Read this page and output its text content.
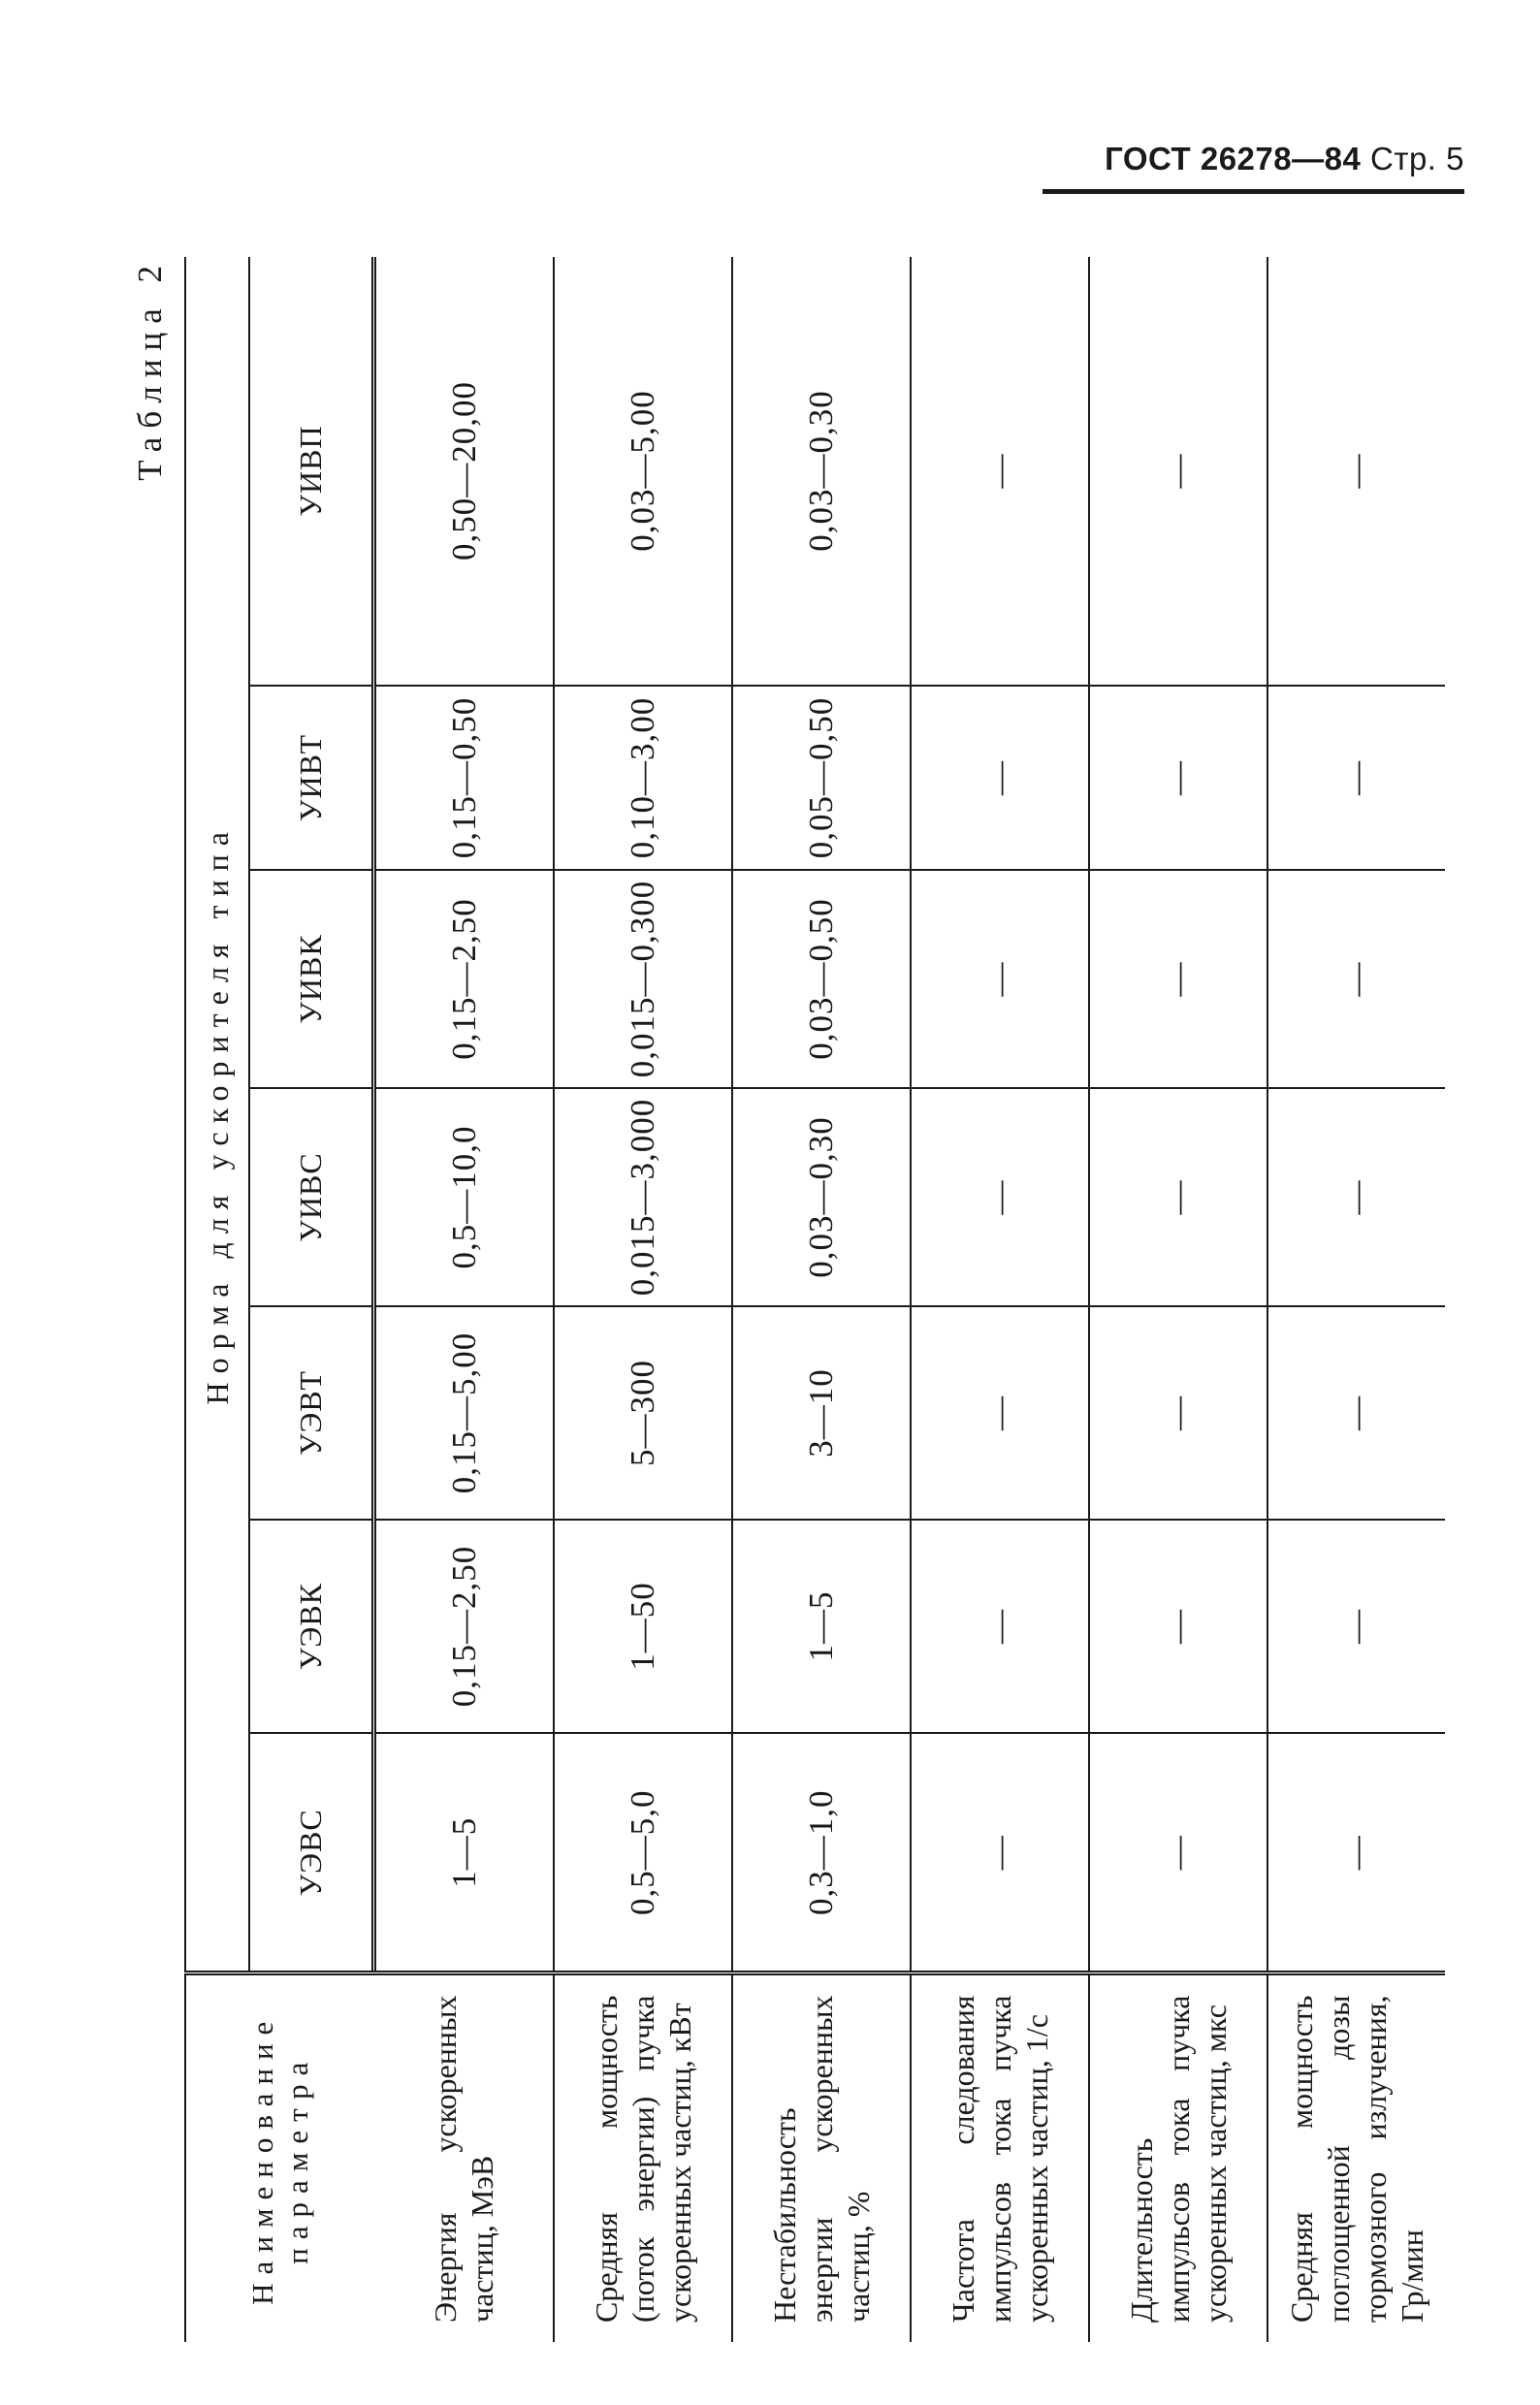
ГОСТ 26278—84 Стр. 5
Таблица 2
Наименование параметра	Норма для ускорителя типа						
	УЭВС	УЭВК	УЭВТ	УИВС	УИВК	УИВТ	УИВП
Энергия ускоренных частиц, МэВ	1—5	0,15—2,50	0,15—5,00	0,5—10,0	0,15—2,50	0,15—0,50	0,50—20,00
Средняя мощность (поток энергии) пучка ускоренных частиц, кВт	0,5—5,0	1—50	5—300	0,015—3,000	0,015—0,300	0,10—3,00	0,03—5,00
Нестабильность энергии ускоренных частиц, %	0,3—1,0	1—5	3—10	0,03—0,30	0,03—0,50	0,05—0,50	0,03—0,30
Частота следования импульсов тока пучка ускоренных частиц, 1/с	—	—	—	—	—	—	—
Длительность импульсов тока пучка ускоренных частиц, мкс	—	—	—	—	—	—	—
Средняя мощность поглощенной дозы тормозного излучения, Гр/мин	—	—	—	—	—	—	—
